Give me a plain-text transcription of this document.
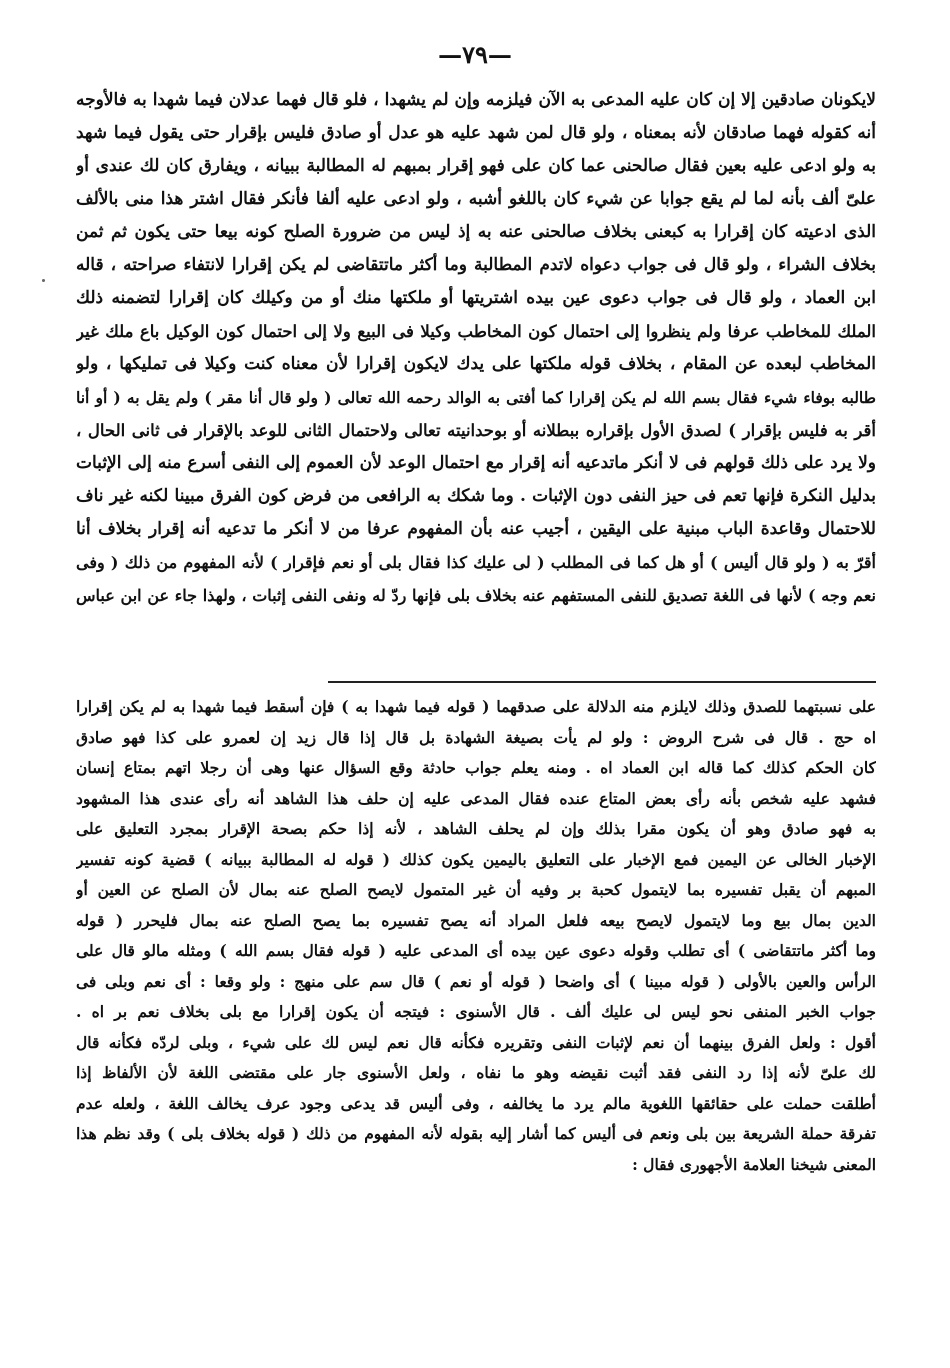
—٧٩—
لايكونان صادقين إلا إن كان عليه المدعى به الآن فيلزمه وإن لم يشهدا ، فلو قال فهما عدلان فيما شهدا به فالأوجه
أنه كقوله فهما صادقان لأنه بمعناه ، ولو قال لمن شهد عليه هو عدل أو صادق فليس بإقرار حتى يقول فيما شهد
به ولو ادعى عليه بعين فقال صالحنى عما كان على فهو إقرار بمبهم له المطالبة ببيانه ، ويفارق كان لك عندى أو
علىّ ألف بأنه لما لم يقع جوابا عن شيء كان باللغو أشبه ، ولو ادعى عليه ألفا فأنكر فقال اشتر هذا منى بالألف
الذى ادعيته كان إقرارا به كبعنى بخلاف صالحنى عنه به إذ ليس من ضرورة الصلح كونه بيعا حتى يكون ثم ثمن
بخلاف الشراء ، ولو قال فى جواب دعواه لاتدم المطالبة وما أكثر ماتتقاضى لم يكن إقرارا لانتفاء صراحته ، قاله
ابن العماد ، ولو قال فى جواب دعوى عين بيده اشتريتها أو ملكتها منك أو من وكيلك كان إقرارا لتضمنه ذلك
الملك للمخاطب عرفا ولم ينظروا إلى احتمال كون المخاطب وكيلا فى البيع ولا إلى احتمال كون الوكيل باع ملك غير
المخاطب لبعده عن المقام ، بخلاف قوله ملكتها على يدك لايكون إقرارا لأن معناه كنت وكيلا فى تمليكها ، ولو
طالبه بوفاء شيء فقال بسم الله لم يكن إقرارا كما أفتى به الوالد رحمه الله تعالى ( ولو قال أنا مقر ) ولم يقل به ( أو أنا
أقر به فليس بإقرار ) لصدق الأول بإقراره ببطلانه أو بوحدانيته تعالى ولاحتمال الثانى للوعد بالإقرار فى ثانى الحال ،
ولا يرد على ذلك قولهم فى لا أنكر ماتدعيه أنه إقرار مع احتمال الوعد لأن العموم إلى النفى أسرع منه إلى الإثبات
بدليل النكرة فإنها تعم فى حيز النفى دون الإثبات . وما شكك به الرافعى من فرض كون الفرق مبينا لكنه غير ناف
للاحتمال وقاعدة الباب مبنية على اليقين ، أجيب عنه بأن المفهوم عرفا من لا أنكر ما تدعيه أنه إقرار بخلاف أنا
أقرّ به ( ولو قال أليس ) أو هل كما فى المطلب ( لى عليك كذا فقال بلى أو نعم فإقرار ) لأنه المفهوم من ذلك ( وفى
نعم وجه ) لأنها فى اللغة تصديق للنفى المستفهم عنه بخلاف بلى فإنها ردّ له ونفى النفى إثبات ، ولهذا جاء عن ابن عباس
على نسبتهما للصدق وذلك لايلزم منه الدلالة على صدقهما ( قوله فيما شهدا به ) فإن أسقط فيما شهدا به لم يكن إقرارا
اه حج . قال فى شرح الروض : ولو لم يأت بصيغة الشهادة بل قال إذا قال زيد إن لعمرو على كذا فهو صادق
كان الحكم كذلك كما قاله ابن العماد اه . ومنه يعلم جواب حادثة وقع السؤال عنها وهى أن رجلا اتهم بمتاع إنسان
فشهد عليه شخص بأنه رأى بعض المتاع عنده فقال المدعى عليه إن حلف هذا الشاهد أنه رأى عندى هذا المشهود
به فهو صادق وهو أن يكون مقرا بذلك وإن لم يحلف الشاهد ، لأنه إذا حكم بصحة الإقرار بمجرد التعليق على
الإخبار الخالى عن اليمين فمع الإخبار على التعليق باليمين يكون كذلك ( قوله له المطالبة ببيانه ) قضية كونه تفسير
المبهم أن يقبل تفسيره بما لايتمول كحبة بر وفيه أن غير المتمول لايصح الصلح عنه بمال لأن الصلح عن العين أو
الدين بمال بيع وما لايتمول لايصح بيعه فلعل المراد أنه يصح تفسيره بما يصح الصلح عنه بمال فليحرر ( قوله
وما أكثر ماتتقاضى ) أى تطلب وقوله دعوى عين بيده أى المدعى عليه ( قوله فقال بسم الله ) ومثله مالو قال على
الرأس والعين بالأولى ( قوله مبينا ) أى واضحا ( قوله أو نعم ) قال سم على منهج : ولو وقعا : أى نعم وبلى فى
جواب الخبر المنفى نحو ليس لى عليك ألف . قال الأسنوى : فيتجه أن يكون إقرارا مع بلى بخلاف نعم بر اه .
أقول : ولعل الفرق بينهما أن نعم لإثبات النفى وتقريره فكأنه قال نعم ليس لك على شيء ، وبلى لردّه فكأنه قال
لك علىّ لأنه إذا رد النفى فقد أثبت نقيضه وهو ما نفاه ، ولعل الأسنوى جار على مقتضى اللغة لأن الألفاظ إذا
أطلقت حملت على حقائقها اللغوية مالم يرد ما يخالفه ، وفى أليس قد يدعى وجود عرف يخالف اللغة ، ولعله عدم
تفرقة حملة الشريعة بين بلى ونعم فى أليس كما أشار إليه بقوله لأنه المفهوم من ذلك ( قوله بخلاف بلى ) وقد نظم هذا
المعنى شيخنا العلامة الأجهورى فقال :
